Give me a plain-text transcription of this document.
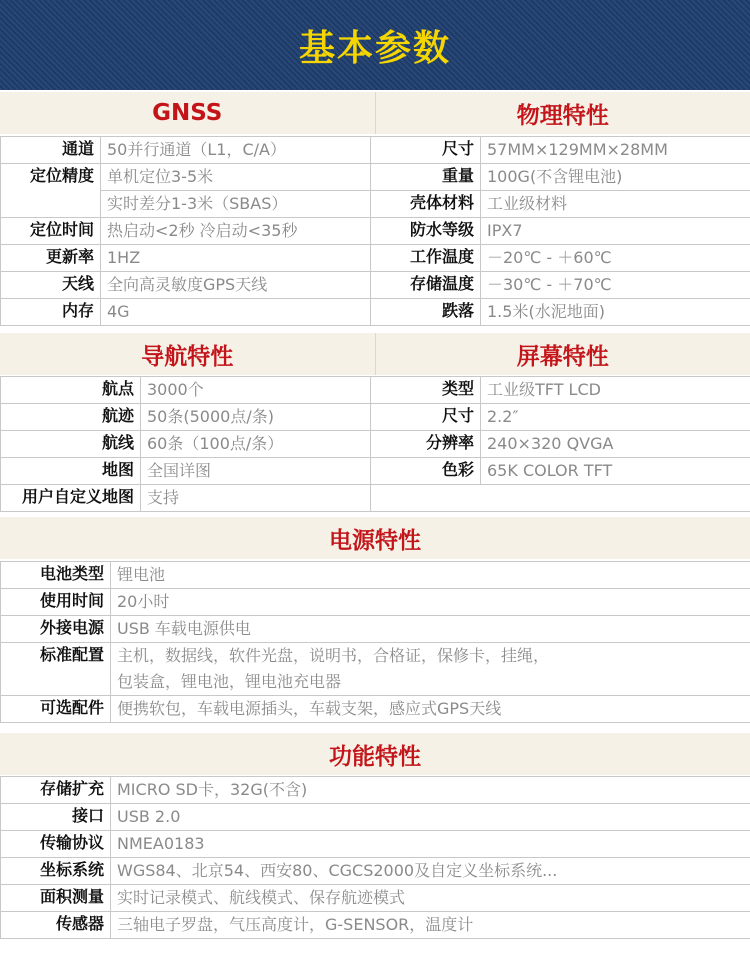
基本参数
GNSS	物理特性
通道	50并行通道（L1，C/A）	尺寸	57MM×129MM×28MM
定位精度	单机定位3-5米	重量	100G(不含锂电池)
	实时差分1-3米（SBAS）	壳体材料	工业级材料
定位时间	热启动<2秒 冷启动<35秒	防水等级	IPX7
更新率	1HZ	工作温度	－20℃ - ＋60℃
天线	全向高灵敏度GPS天线	存储温度	－30℃ - ＋70℃
内存	4G	跌落	1.5米(水泥地面)
导航特性	屏幕特性
航点	3000个	类型	工业级TFT LCD
航迹	50条(5000点/条)	尺寸	2.2″
航线	60条（100点/条）	分辨率	240×320 QVGA
地图	全国详图	色彩	65K COLOR TFT
用户自定义地图	支持		
电源特性
电池类型	锂电池
使用时间	20小时
外接电源	USB 车载电源供电
标准配置	主机，数据线，软件光盘，说明书，合格证，保修卡，挂绳，
	包装盒，锂电池，锂电池充电器
可选配件	便携软包，车载电源插头，车载支架，感应式GPS天线
功能特性
存储扩充	MICRO SD卡，32G(不含)
接口	USB 2.0
传输协议	NMEA0183
坐标系统	WGS84、北京54、西安80、CGCS2000及自定义坐标系统...
面积测量	实时记录模式、航线模式、保存航迹模式
传感器	三轴电子罗盘，气压高度计，G-SENSOR，温度计
